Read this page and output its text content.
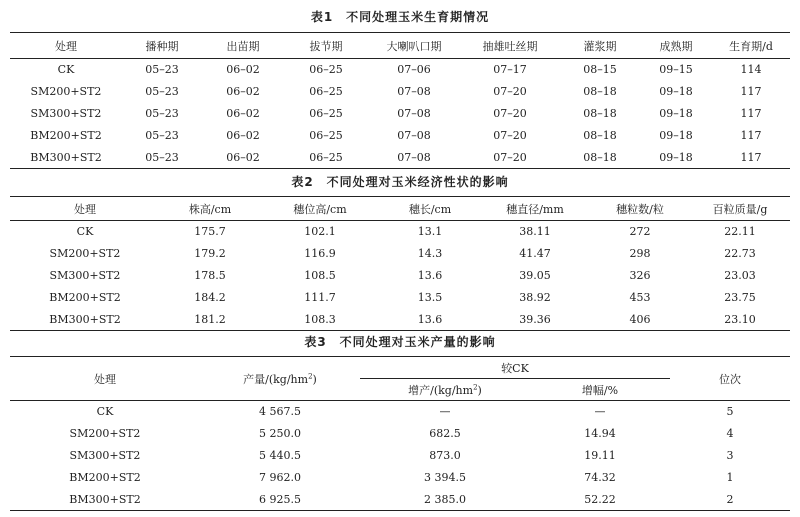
表1　不同处理玉米生育期情况
处理	播种期	出苗期	拔节期	大喇叭口期	抽雄吐丝期	灌浆期	成熟期	生育期/d
CK	05–23	06–02	06–25	07–06	07–17	08–15	09–15	114
SM200+ST2	05–23	06–02	06–25	07–08	07–20	08–18	09–18	117
SM300+ST2	05–23	06–02	06–25	07–08	07–20	08–18	09–18	117
BM200+ST2	05–23	06–02	06–25	07–08	07–20	08–18	09–18	117
BM300+ST2	05–23	06–02	06–25	07–08	07–20	08–18	09–18	117
表2　不同处理对玉米经济性状的影响
处理	株高/cm	穗位高/cm	穗长/cm	穗直径/mm	穗粒数/粒	百粒质量/g
CK	175.7	102.1	13.1	38.11	272	22.11
SM200+ST2	179.2	116.9	14.3	41.47	298	22.73
SM300+ST2	178.5	108.5	13.6	39.05	326	23.03
BM200+ST2	184.2	111.7	13.5	38.92	453	23.75
BM300+ST2	181.2	108.3	13.6	39.36	406	23.10
表3　不同处理对玉米产量的影响
处理	产量$/(kg/hm^2)$	较CK		位次
		增产$/(kg/hm^2)$	增幅/%	
CK	4 567.5	—	—	5
SM200+ST2	5 250.0	682.5	14.94	4
SM300+ST2	5 440.5	873.0	19.11	3
BM200+ST2	7 962.0	3 394.5	74.32	1
BM300+ST2	6 925.5	2 385.0	52.22	2
